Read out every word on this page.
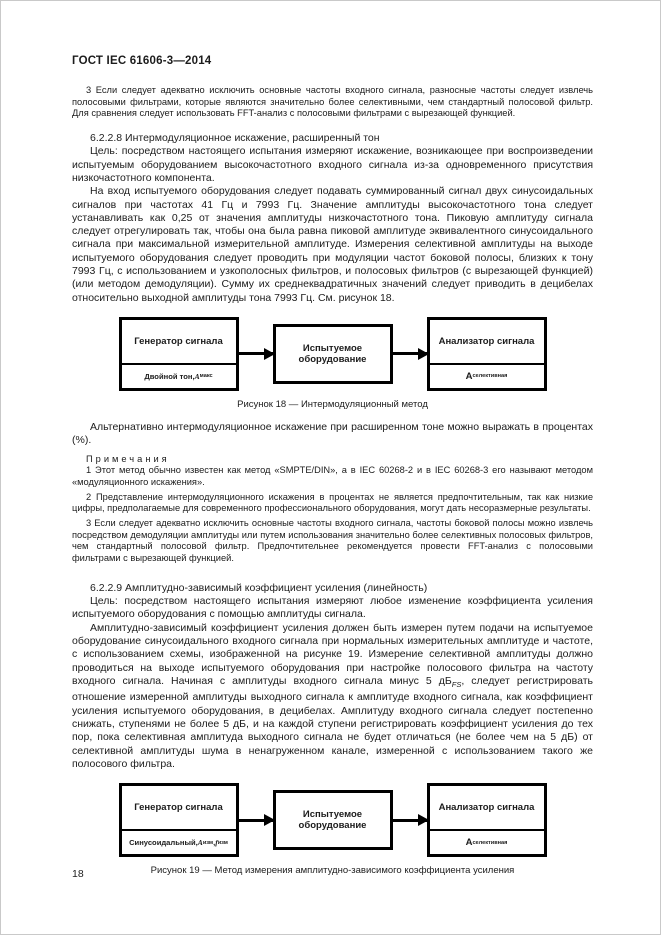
ГОСТ IEC 61606-3—2014

3 Если следует адекватно исключить основные частоты входного сигнала, разносные частоты следует извлечь полосовыми фильтрами, которые являются значительно более селективными, чем стандартный полосовой фильтр. Для сравнения следует использовать FFT-анализ с полосовыми фильтрами с вырезающей функцией.

6.2.2.8 Интермодуляционное искажение, расширенный тон

Цель: посредством настоящего испытания измеряют искажение, возникающее при воспроизведении испытуемым оборудованием высокочастотного входного сигнала из-за одновременного присутствия низкочастотного компонента.

На вход испытуемого оборудования следует подавать суммированный сигнал двух синусоидальных сигналов при частотах 41 Гц и 7993 Гц. Значение амплитуды высокочастотного тона следует устанавливать как 0,25 от значения амплитуды низкочастотного тона. Пиковую амплитуду сигнала следует отрегулировать так, чтобы она была равна пиковой амплитуде эквивалентного синусоидального сигнала при максимальной измерительной амплитуде. Измерения селективной амплитуды на выходе испытуемого оборудования следует проводить при модуляции частот боковой полосы, близких к тону 7993 Гц, с использованием и узкополосных фильтров, и полосовых фильтров (с вырезающей функцией) (или методом демодуляции). Сумму их среднеквадратичных значений следует приводить в децибелах относительно выходной амплитуды тона 7993 Гц. См. рисунок 18.

Генератор сигнала
Двойной тон, A макс
Испытуемое оборудование
Анализатор сигнала
А селективная

Рисунок 18 — Интермодуляционный метод

Альтернативно интермодуляционное искажение при расширенном тоне можно выражать в процентах (%).

Примечания

1 Этот метод обычно известен как метод «SMPTE/DIN», а в IEC 60268-2 и в IEC 60268-3 его называют методом «модуляционного искажения».

2 Представление интермодуляционного искажения в процентах не является предпочтительным, так как низкие цифры, предполагаемые для современного профессионального оборудования, могут дать несоразмерные результаты.

3 Если следует адекватно исключить основные частоты входного сигнала, частоты боковой полосы можно извлечь посредством демодуляции амплитуды или путем использования значительно более селективных полосовых фильтров, чем стандартный полосовой фильтр. Предпочтительнее рекомендуется провести FFT-анализ с полосовыми фильтрами с вырезающей функцией.

6.2.2.9 Амплитудно-зависимый коэффициент усиления (линейность)

Цель: посредством настоящего испытания измеряют любое изменение коэффициента усиления испытуемого оборудования с помощью амплитуды сигнала.

Амплитудно-зависимый коэффициент усиления должен быть измерен путем подачи на испытуемое оборудование синусоидального входного сигнала при нормальных измерительных амплитуде и частоте, с использованием схемы, изображенной на рисунке 19. Измерение селективной амплитуды должно проводиться на выходе испытуемого оборудования при настройке полосового фильтра на частоту входного сигнала. Начиная с амплитуды входного сигнала минус 5 $дБ_{FS}$, следует регистрировать отношение измеренной амплитуды выходного сигнала к амплитуде входного сигнала, как коэффициент усиления испытуемого оборудования, в децибелах. Амплитуду входного сигнала следует постепенно снижать, ступенями не более 5 дБ, и на каждой ступени регистрировать коэффициент усиления до тех пор, пока селективная амплитуда выходного сигнала не будет отличаться (не более чем на 5 дБ) от селективной амплитуды шума в ненагруженном канале, измеренной с использованием такого же полосового фильтра.

Генератор сигнала
Синусоидальный, A изм , f изм
Испытуемое оборудование
Анализатор сигнала
А селективная

Рисунок 19 — Метод измерения амплитудно-зависимого коэффициента усиления

18
